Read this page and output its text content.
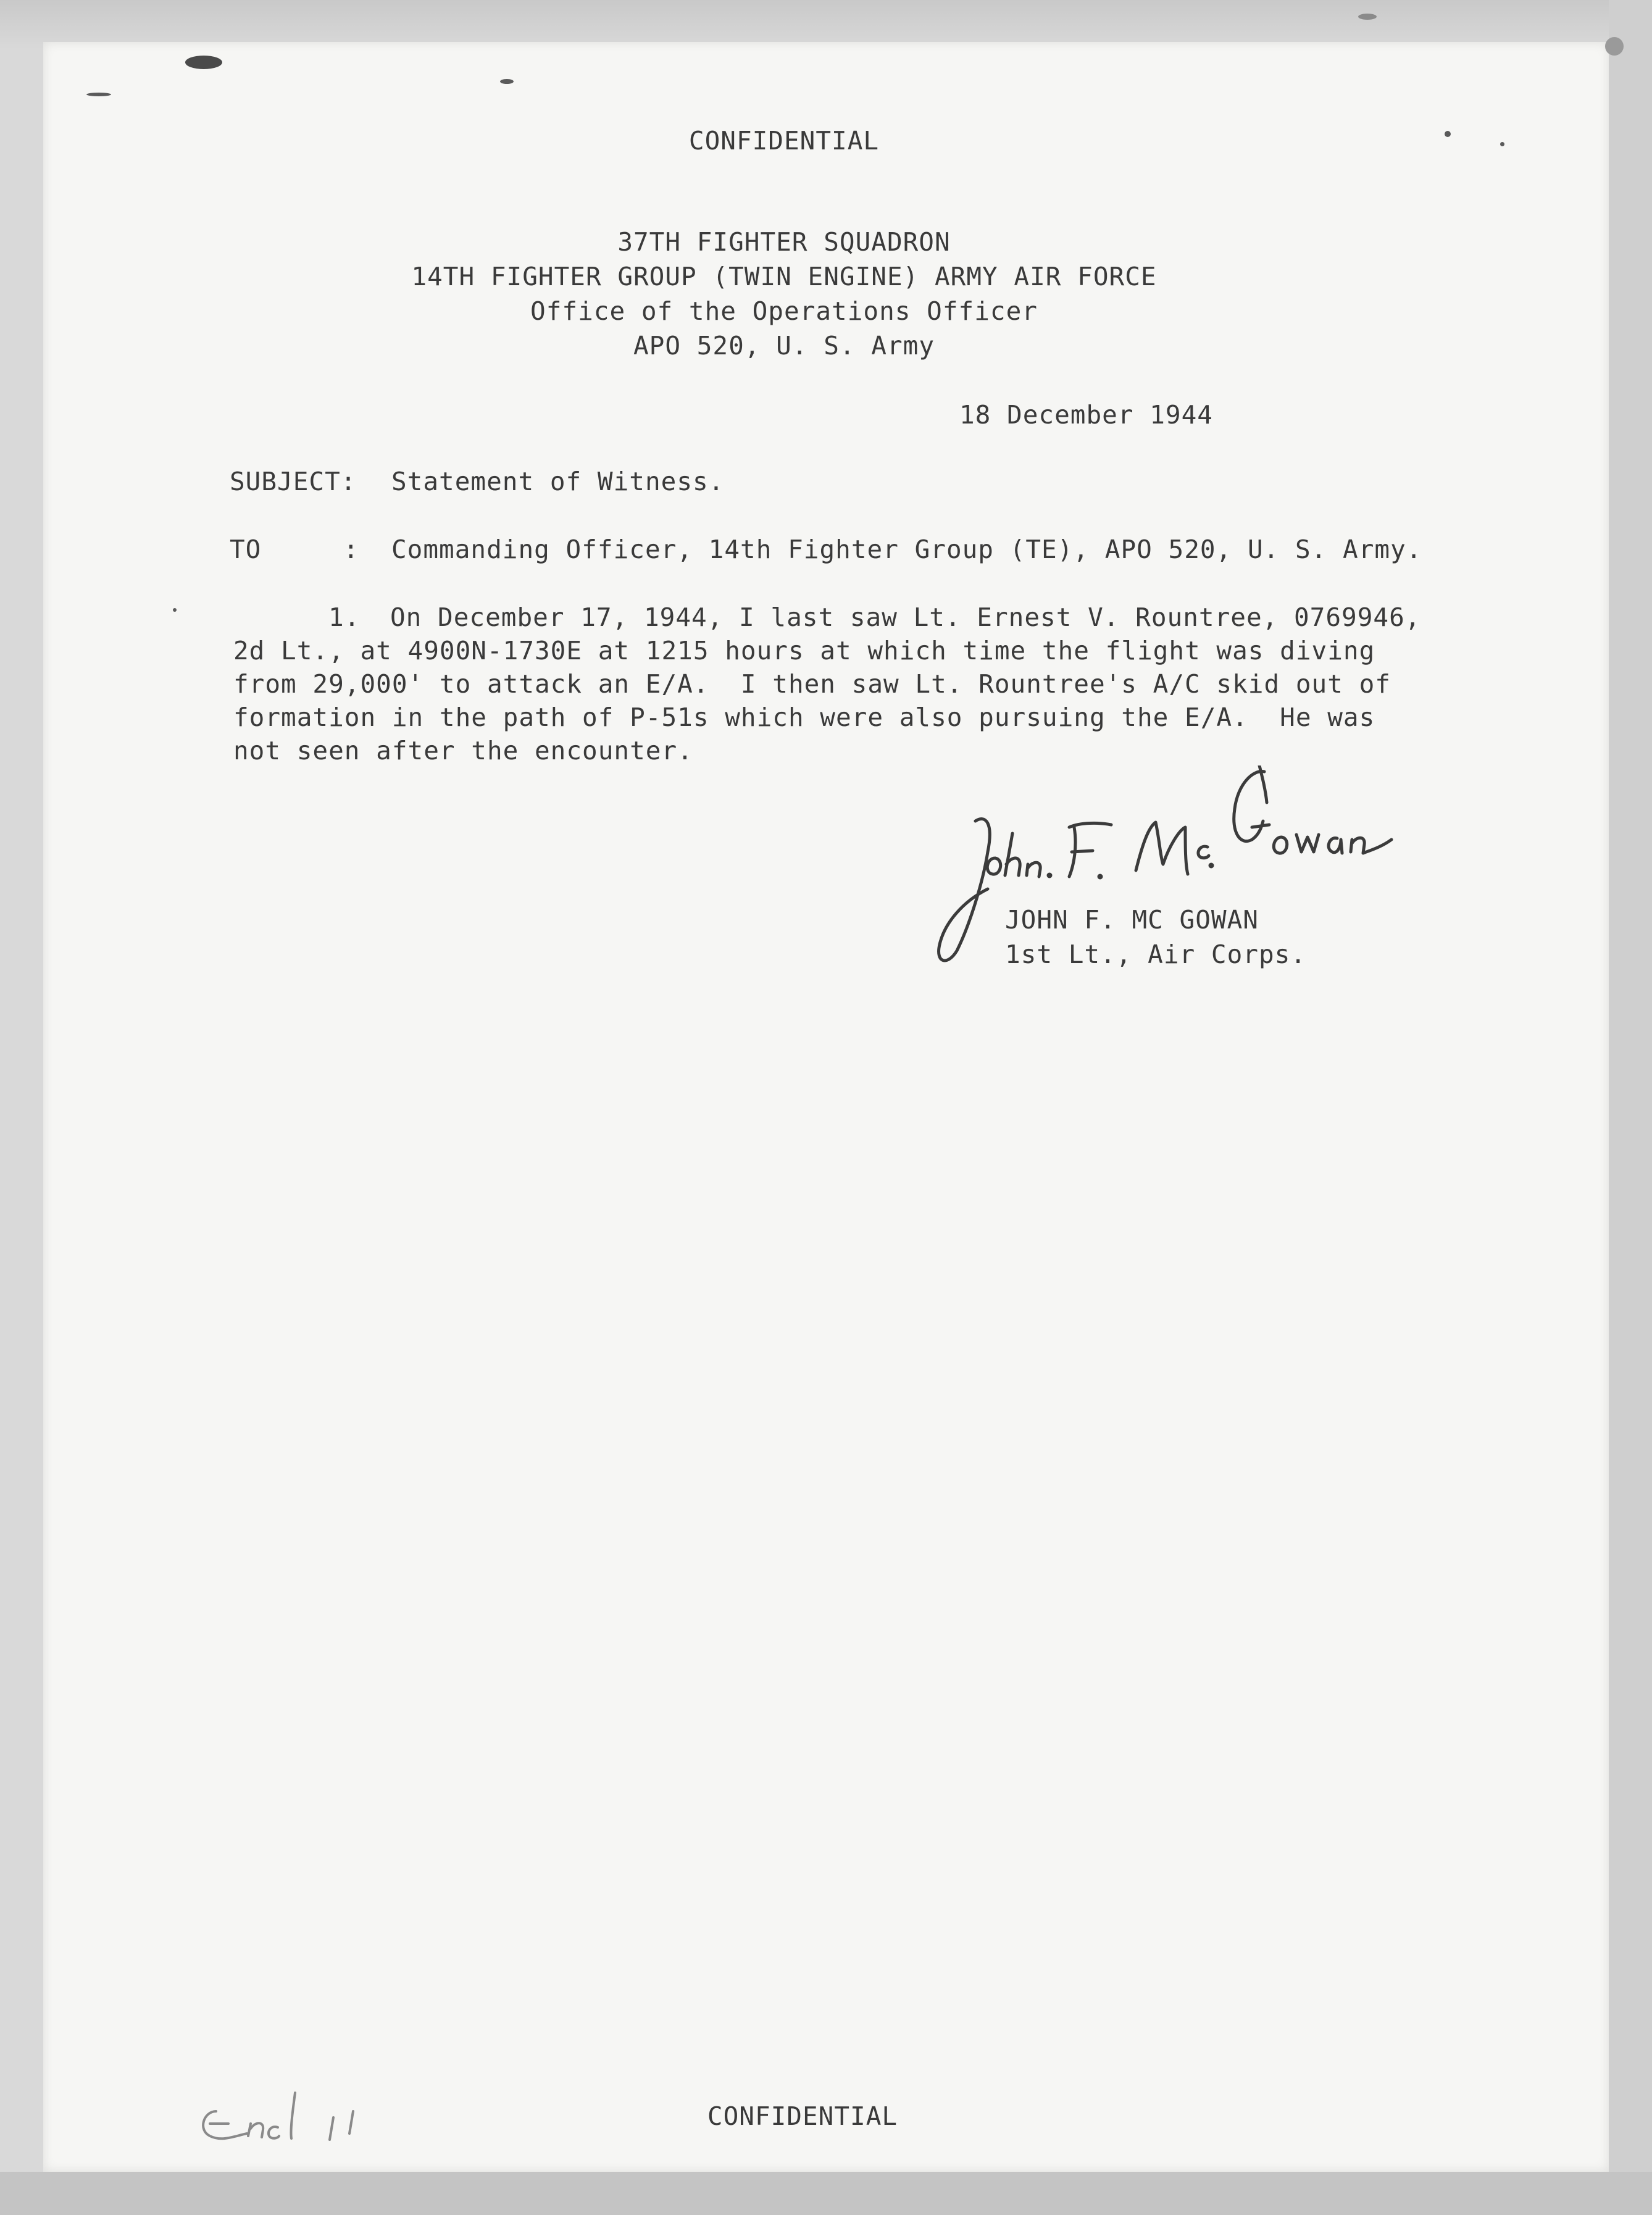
CONFIDENTIAL
37TH FIGHTER SQUADRON
14TH FIGHTER GROUP (TWIN ENGINE) ARMY AIR FORCE
Office of the Operations Officer
APO 520, U. S. Army
18 December 1944
SUBJECT: Statement of Witness.
TO	: Commanding Officer, 14th Fighter Group (TE), APO 520, U. S. Army.
1. On December 17, 1944, I last saw Lt. Ernest V. Rountree, 0769946,
2d Lt., at 4900N-1730E at 1215 hours at which time the flight was diving
from 29,000' to attack an E/A.  I then saw Lt. Rountree's A/C skid out of
formation in the path of P-51s which were also pursuing the E/A.  He was
not seen after the encounter.
JOHN F. MC GOWAN
1st Lt., Air Corps.
CONFIDENTIAL
